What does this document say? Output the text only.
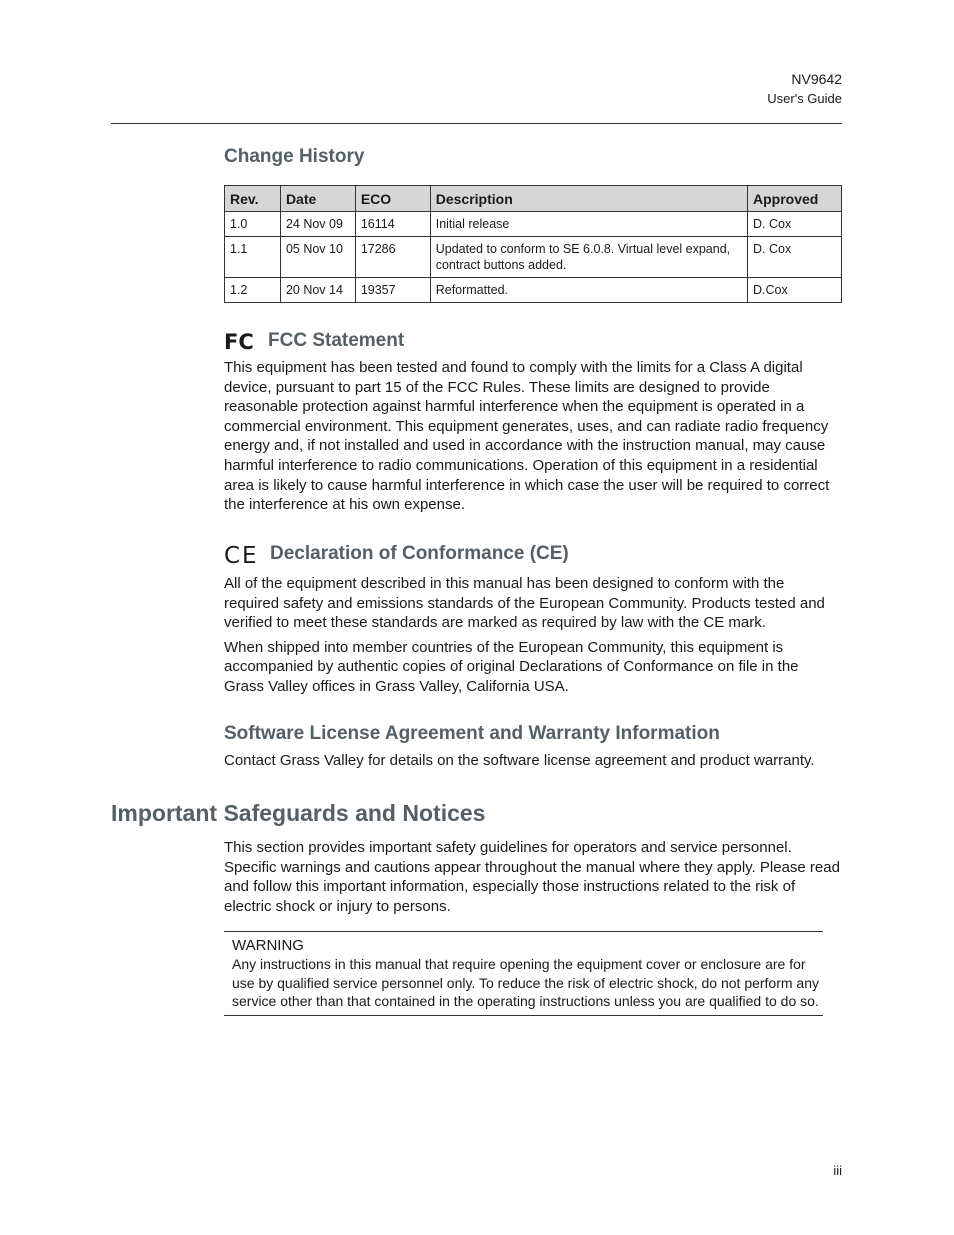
NV9642
User's Guide
Change History
Rev.	Date	ECO	Description	Approved
1.0	24 Nov 09	16114	Initial release	D. Cox
1.1	05 Nov 10	17286	Updated to conform to SE 6.0.8. Virtual level expand, contract buttons added.	D. Cox
1.2	20 Nov 14	19357	Reformatted.	D.Cox
FC FCC Statement

This equipment has been tested and found to comply with the limits for a Class A digital device, pursuant to part 15 of the FCC Rules. These limits are designed to provide reasonable protection against harmful interference when the equipment is operated in a commercial environment. This equipment generates, uses, and can radiate radio frequency energy and, if not installed and used in accordance with the instruction manual, may cause harmful interference to radio communications. Operation of this equipment in a residential area is likely to cause harmful interference in which case the user will be required to correct the interference at his own expense.

CE Declaration of Conformance (CE)

All of the equipment described in this manual has been designed to conform with the required safety and emissions standards of the European Community. Products tested and verified to meet these standards are marked as required by law with the CE mark.

When shipped into member countries of the European Community, this equipment is accompanied by authentic copies of original Declarations of Conformance on file in the Grass Valley offices in Grass Valley, California USA.

Software License Agreement and Warranty Information

Contact Grass Valley for details on the software license agreement and product warranty.

Important Safeguards and Notices

This section provides important safety guidelines for operators and service personnel. Specific warnings and cautions appear throughout the manual where they apply. Please read and follow this important information, especially those instructions related to the risk of electric shock or injury to persons.

WARNING
Any instructions in this manual that require opening the equipment cover or enclosure are for use by qualified service personnel only. To reduce the risk of electric shock, do not perform any service other than that contained in the operating instructions unless you are qualified to do so.
iii
